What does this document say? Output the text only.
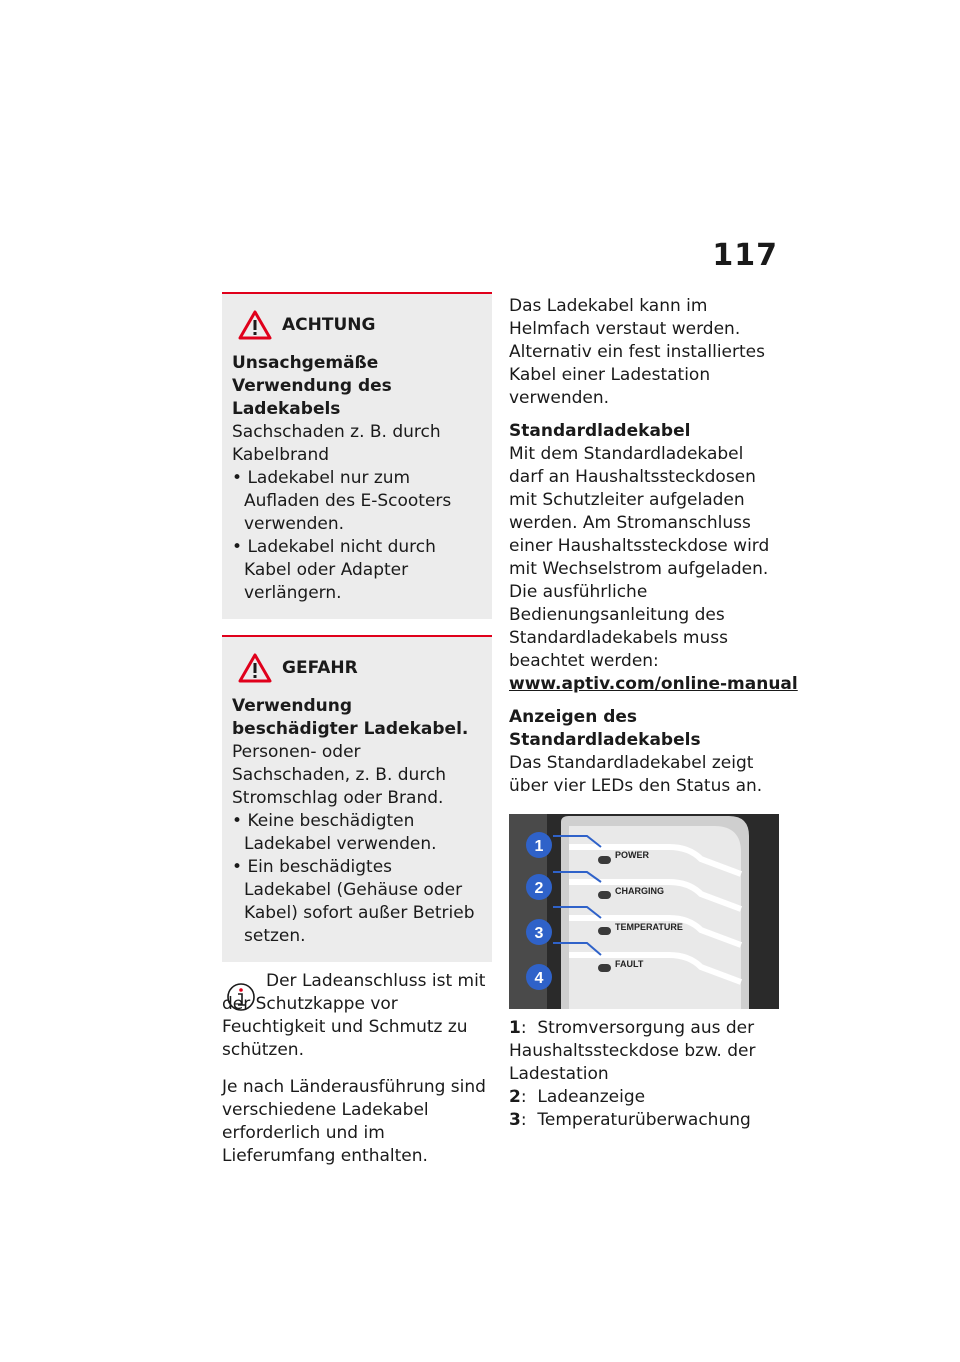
117
ACHTUNG
Unsachgemäße Verwendung des Ladekabels
Sachschaden z. B. durch Kabelbrand
• Ladekabel nur zum Aufladen des E-Scooters verwenden.
• Ladekabel nicht durch Kabel oder Adapter verlängern.
GEFAHR
Verwendung beschädigter Ladekabel.
Personen- oder Sachschaden, z. B. durch Stromschlag oder Brand.
• Keine beschädigten Ladekabel verwenden.
• Ein beschädigtes Ladekabel (Gehäuse oder Kabel) sofort außer Betrieb setzen.

Der Ladeanschluss ist mit der Schutzkappe vor Feuchtigkeit und Schmutz zu schützen.

Je nach Länderausführung sind verschiedene Ladekabel erforderlich und im Lieferumfang enthalten.

Das Ladekabel kann im Helmfach verstaut werden. Alternativ ein fest installiertes Kabel einer Ladestation verwenden.

Standardladekabel

Mit dem Standardladekabel darf an Haushaltssteckdosen mit Schutzleiter aufgeladen werden. Am Stromanschluss einer Haushaltssteckdose wird mit Wechselstrom aufgeladen. Die ausführliche Bedienungsanleitung des Standardladekabels muss beachtet werden:

www.aptiv.com/online-manual

Anzeigen des Standardladekabels

Das Standardladekabel zeigt über vier LEDs den Status an.

1
2
3
4
POWER
CHARGING
TEMPERATURE
FAULT

1:  Stromversorgung aus der Haushaltssteckdose bzw. der Ladestation

2:  Ladeanzeige

3:  Temperaturüberwachung
